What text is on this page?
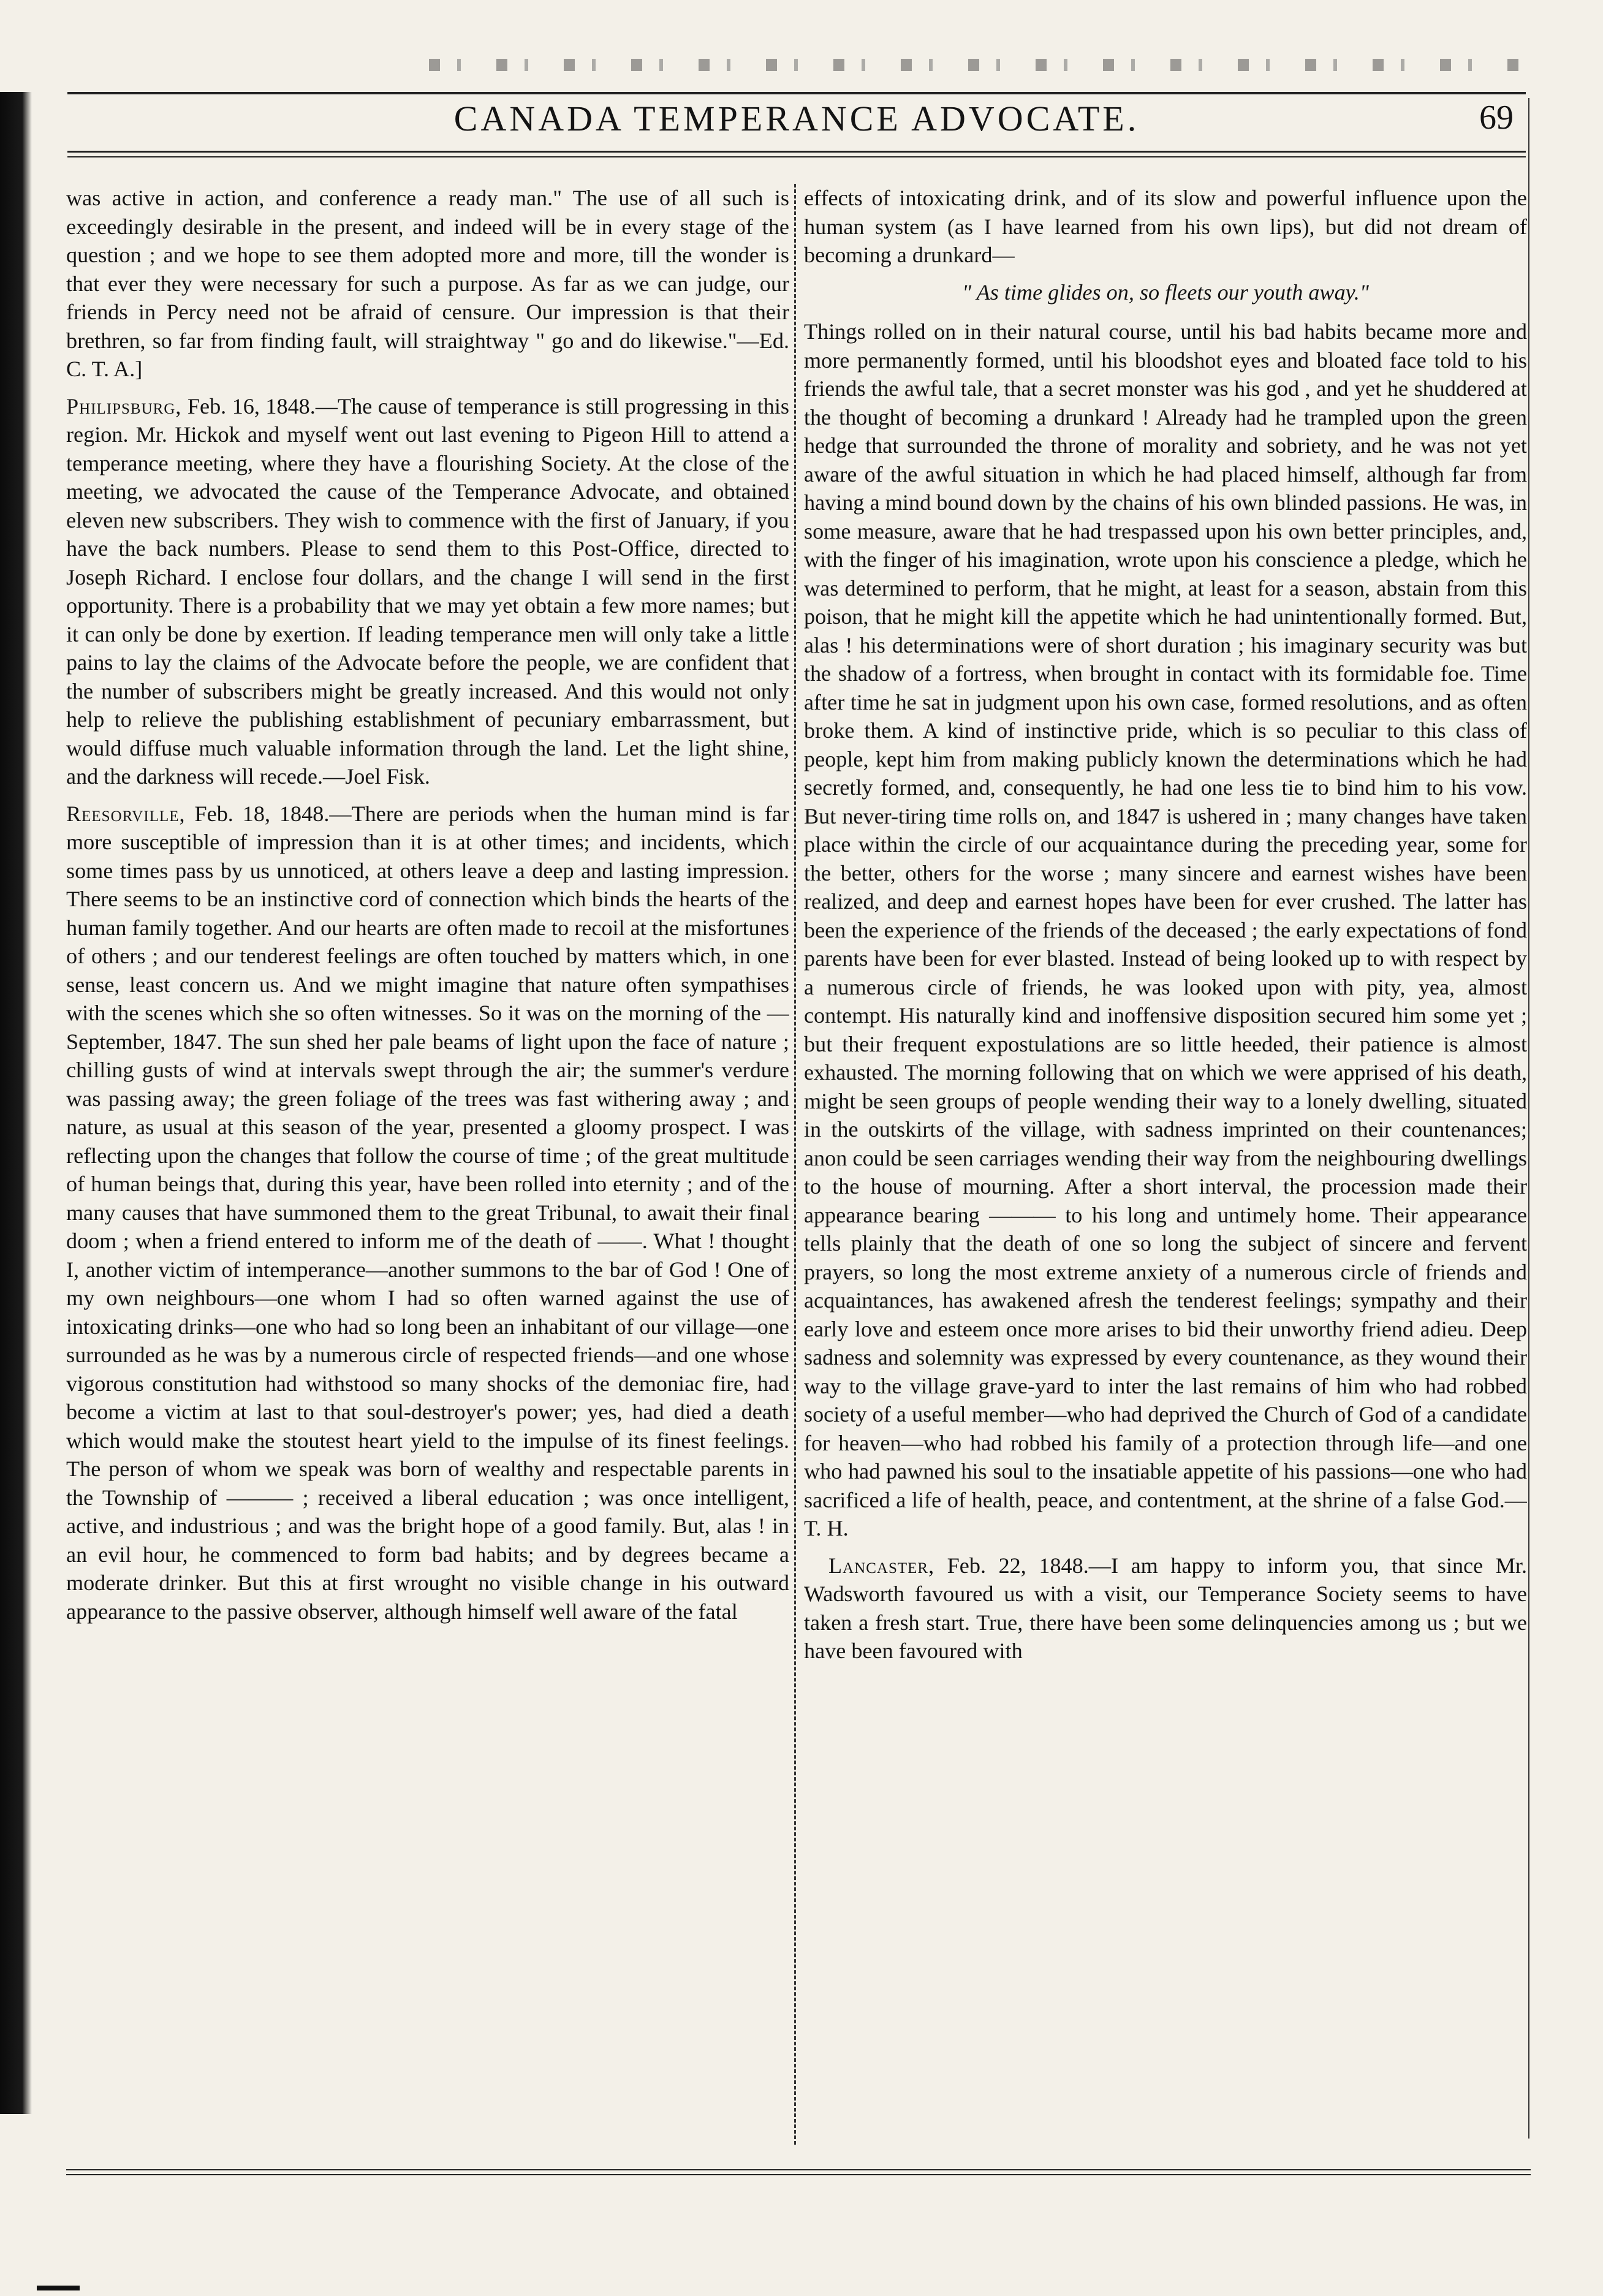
CANADA TEMPERANCE ADVOCATE.	69

was active in action, and conference a ready man." The use of all such is exceedingly desirable in the present, and indeed will be in every stage of the question ; and we hope to see them adopted more and more, till the wonder is that ever they were necessary for such a purpose. As far as we can judge, our friends in Percy need not be afraid of censure. Our impression is that their brethren, so far from finding fault, will straightway " go and do likewise."—Ed. C. T. A.]

Philipsburg, Feb. 16, 1848.—The cause of temperance is still progressing in this region. Mr. Hickok and myself went out last evening to Pigeon Hill to attend a temperance meeting, where they have a flourishing Society. At the close of the meeting, we advocated the cause of the Temperance Advocate, and obtained eleven new subscribers. They wish to commence with the first of January, if you have the back numbers. Please to send them to this Post-Office, directed to Joseph Richard. I enclose four dollars, and the change I will send in the first opportunity. There is a probability that we may yet obtain a few more names; but it can only be done by exertion. If leading temperance men will only take a little pains to lay the claims of the Advocate before the people, we are confident that the number of subscribers might be greatly increased. And this would not only help to relieve the publishing establishment of pecuniary embarrassment, but would diffuse much valuable information through the land. Let the light shine, and the darkness will recede.—Joel Fisk.

Reesorville, Feb. 18, 1848.—There are periods when the human mind is far more susceptible of impression than it is at other times; and incidents, which some times pass by us unnoticed, at others leave a deep and lasting impression. There seems to be an instinctive cord of connection which binds the hearts of the human family together. And our hearts are often made to recoil at the misfortunes of others ; and our tenderest feelings are often touched by matters which, in one sense, least concern us. And we might imagine that nature often sympathises with the scenes which she so often witnesses. So it was on the morning of the — September, 1847. The sun shed her pale beams of light upon the face of nature ; chilling gusts of wind at intervals swept through the air; the summer's verdure was passing away; the green foliage of the trees was fast withering away ; and nature, as usual at this season of the year, presented a gloomy prospect. I was reflecting upon the changes that follow the course of time ; of the great multitude of human beings that, during this year, have been rolled into eternity ; and of the many causes that have summoned them to the great Tribunal, to await their final doom ; when a friend entered to inform me of the death of ——. What ! thought I, another victim of intemperance—another summons to the bar of God ! One of my own neighbours—one whom I had so often warned against the use of intoxicating drinks—one who had so long been an inhabitant of our village—one surrounded as he was by a numerous circle of respected friends—and one whose vigorous constitution had withstood so many shocks of the demoniac fire, had become a victim at last to that soul-destroyer's power; yes, had died a death which would make the stoutest heart yield to the impulse of its finest feelings. The person of whom we speak was born of wealthy and respectable parents in the Township of ——— ; received a liberal education ; was once intelligent, active, and industrious ; and was the bright hope of a good family. But, alas ! in an evil hour, he commenced to form bad habits; and by degrees became a moderate drinker. But this at first wrought no visible change in his outward appearance to the passive observer, although himself well aware of the fatal

effects of intoxicating drink, and of its slow and powerful influence upon the human system (as I have learned from his own lips), but did not dream of becoming a drunkard—

" As time glides on, so fleets our youth away."

Things rolled on in their natural course, until his bad habits became more and more permanently formed, until his bloodshot eyes and bloated face told to his friends the awful tale, that a secret monster was his god , and yet he shuddered at the thought of becoming a drunkard ! Already had he trampled upon the green hedge that surrounded the throne of morality and sobriety, and he was not yet aware of the awful situation in which he had placed himself, although far from having a mind bound down by the chains of his own blinded passions. He was, in some measure, aware that he had trespassed upon his own better principles, and, with the finger of his imagination, wrote upon his conscience a pledge, which he was determined to perform, that he might, at least for a season, abstain from this poison, that he might kill the appetite which he had unintentionally formed. But, alas ! his determinations were of short duration ; his imaginary security was but the shadow of a fortress, when brought in contact with its formidable foe. Time after time he sat in judgment upon his own case, formed resolutions, and as often broke them. A kind of instinctive pride, which is so peculiar to this class of people, kept him from making publicly known the determinations which he had secretly formed, and, consequently, he had one less tie to bind him to his vow. But never-tiring time rolls on, and 1847 is ushered in ; many changes have taken place within the circle of our acquaintance during the preceding year, some for the better, others for the worse ; many sincere and earnest wishes have been realized, and deep and earnest hopes have been for ever crushed. The latter has been the experience of the friends of the deceased ; the early expectations of fond parents have been for ever blasted. Instead of being looked up to with respect by a numerous circle of friends, he was looked upon with pity, yea, almost contempt. His naturally kind and inoffensive disposition secured him some yet ; but their frequent expostulations are so little heeded, their patience is almost exhausted. The morning following that on which we were apprised of his death, might be seen groups of people wending their way to a lonely dwelling, situated in the outskirts of the village, with sadness imprinted on their countenances; anon could be seen carriages wending their way from the neighbouring dwellings to the house of mourning. After a short interval, the procession made their appearance bearing ——— to his long and untimely home. Their appearance tells plainly that the death of one so long the subject of sincere and fervent prayers, so long the most extreme anxiety of a numerous circle of friends and acquaintances, has awakened afresh the tenderest feelings; sympathy and their early love and esteem once more arises to bid their unworthy friend adieu. Deep sadness and solemnity was expressed by every countenance, as they wound their way to the village grave-yard to inter the last remains of him who had robbed society of a useful member—who had deprived the Church of God of a candidate for heaven—who had robbed his family of a protection through life—and one who had pawned his soul to the insatiable appetite of his passions—one who had sacrificed a life of health, peace, and contentment, at the shrine of a false God.—T. H.

Lancaster, Feb. 22, 1848.—I am happy to inform you, that since Mr. Wadsworth favoured us with a visit, our Temperance Society seems to have taken a fresh start. True, there have been some delinquencies among us ; but we have been favoured with
